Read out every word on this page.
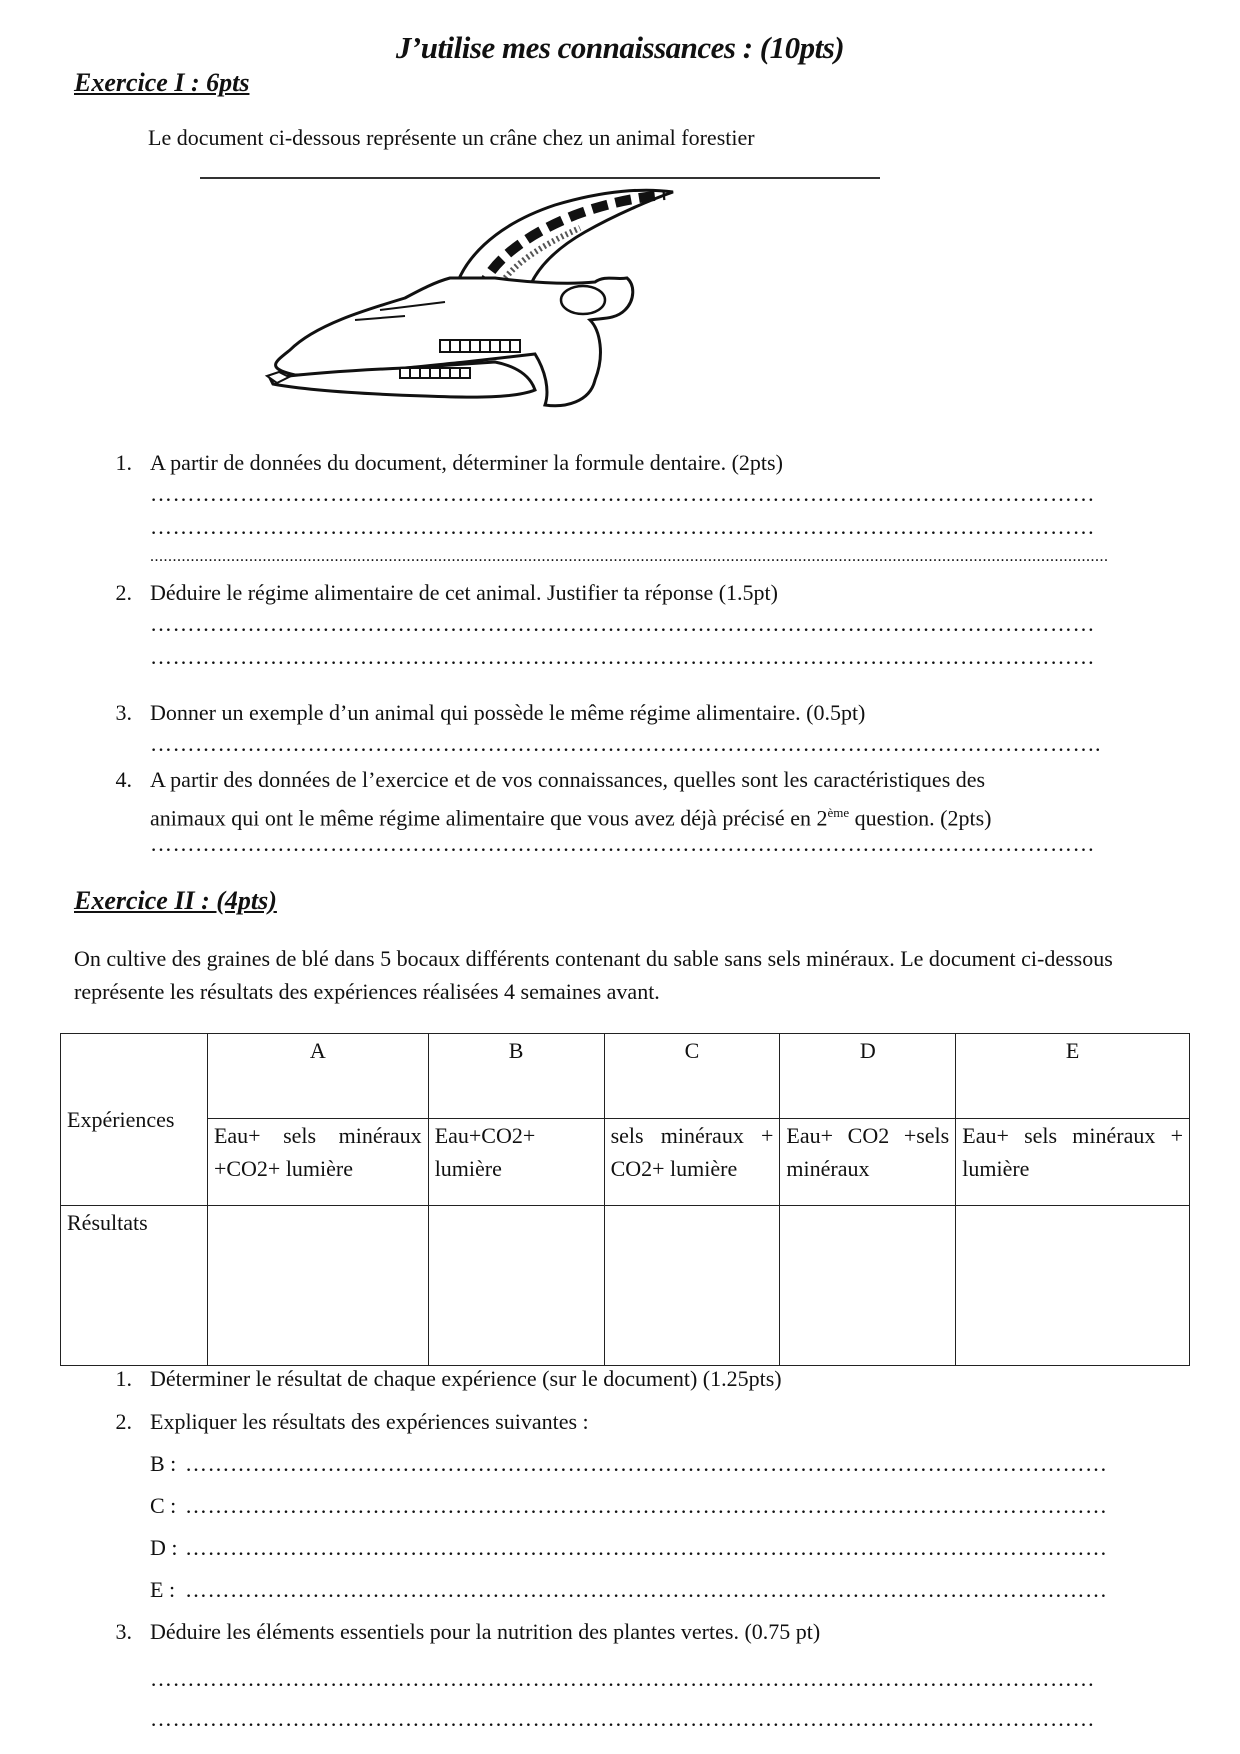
J’utilise mes connaissances : (10pts)
Exercice I : 6pts
Le document ci-dessous représente un crâne chez un animal forestier
1. A partir de données du document, déterminer la formule dentaire. (2pts)
………………………………………………………………………………………………………………
………………………………………………………………………………………………………………
.....................................................................................................................................................................................................................
2. Déduire le régime alimentaire de cet animal. Justifier ta réponse (1.5pt)
………………………………………………………………………………………………………………
………………………………………………………………………………………………………………
3. Donner un exemple d’un animal qui possède le même régime alimentaire. (0.5pt)
……………………………………………………………………………………………………………….
4. A partir des données de l’exercice et de vos connaissances, quelles sont les caractéristiques des
animaux qui ont le même régime alimentaire que vous avez déjà précisé en 2ème question. (2pts)
………………………………………………………………………………………………………………
Exercice II : (4pts)
On cultive des graines de blé dans 5 bocaux différents contenant du sable sans sels minéraux. Le document ci-dessous représente les résultats des expériences réalisées 4 semaines avant.
Expériences	A	B	C	D	E
	Eau+ sels minéraux +CO2+ lumière	Eau+CO2+ lumière	sels minéraux + CO2+ lumière	Eau+ CO2 +sels minéraux	Eau+ sels minéraux + lumière
Résultats					
1. Déterminer le résultat de chaque expérience (sur le document) (1.25pts)
2. Expliquer les résultats des expériences suivantes :
B : ……………………………………………………………………………………………………………
C : ……………………………………………………………………………………………………………
D : ……………………………………………………………………………………………………………
E : ……………………………………………………………………………………………………………
3. Déduire les éléments essentiels pour la nutrition des plantes vertes. (0.75 pt)
………………………………………………………………………………………………………………
………………………………………………………………………………………………………………
